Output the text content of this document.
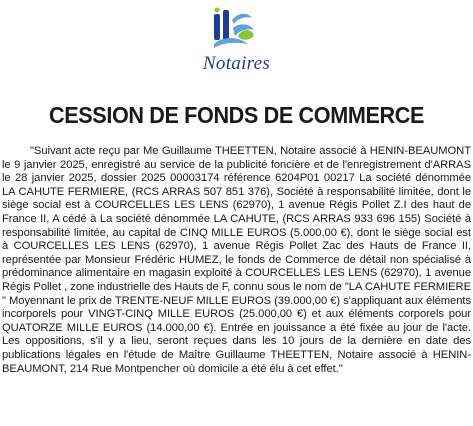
Notaires
CESSION DE FONDS DE COMMERCE

"Suivant acte reçu par Me Guillaume THEETTEN, Notaire associé à HENIN-BEAUMONT le 9 janvier 2025, enregistré au service de la publicité foncière et de l'enregistrement d'ARRAS le 28 janvier 2025, dossier 2025 00003174 référence 6204P01 00217 La société dénommée LA CAHUTE FERMIERE, (RCS ARRAS 507 851 376), Société à responsabilité limitée, dont le siège social est à COURCELLES LES LENS (62970), 1 avenue Régis Pollet Z.I des haut de France II, A cédé à La société dénommée LA CAHUTE, (RCS ARRAS 933 696 155) Société à responsabilité limitée, au capital de CINQ MILLE EUROS (5.000,00 €), dont le siège social est à COURCELLES LES LENS (62970), 1 avenue Régis Pollet Zac des Hauts de France II, représentée par Monsieur Frédéric HUMEZ, le fonds de Commerce de détail non spécialisé à prédominance alimentaire en magasin exploité à COURCELLES LES LENS (62970), 1 avenue Régis Pollet , zone industrielle des Hauts de F, connu sous le nom de "LA CAHUTE FERMIERE " Moyennant le prix de TRENTE-NEUF MILLE EUROS (39.000,00 €) s'appliquant aux éléments incorporels pour VINGT-CINQ MILLE EUROS (25.000,00 €) et aux éléments corporels pour QUATORZE MILLE EUROS (14.000,00 €). Entrée en jouissance a été fixée au jour de l'acte. Les oppositions, s'il y a lieu, seront reçues dans les 10 jours de la dernière en date des publications légales en l'étude de Maître Guillaume THEETTEN, Notaire associé à HENIN-BEAUMONT, 214 Rue Montpencher où domicile a été élu à cet effet."
